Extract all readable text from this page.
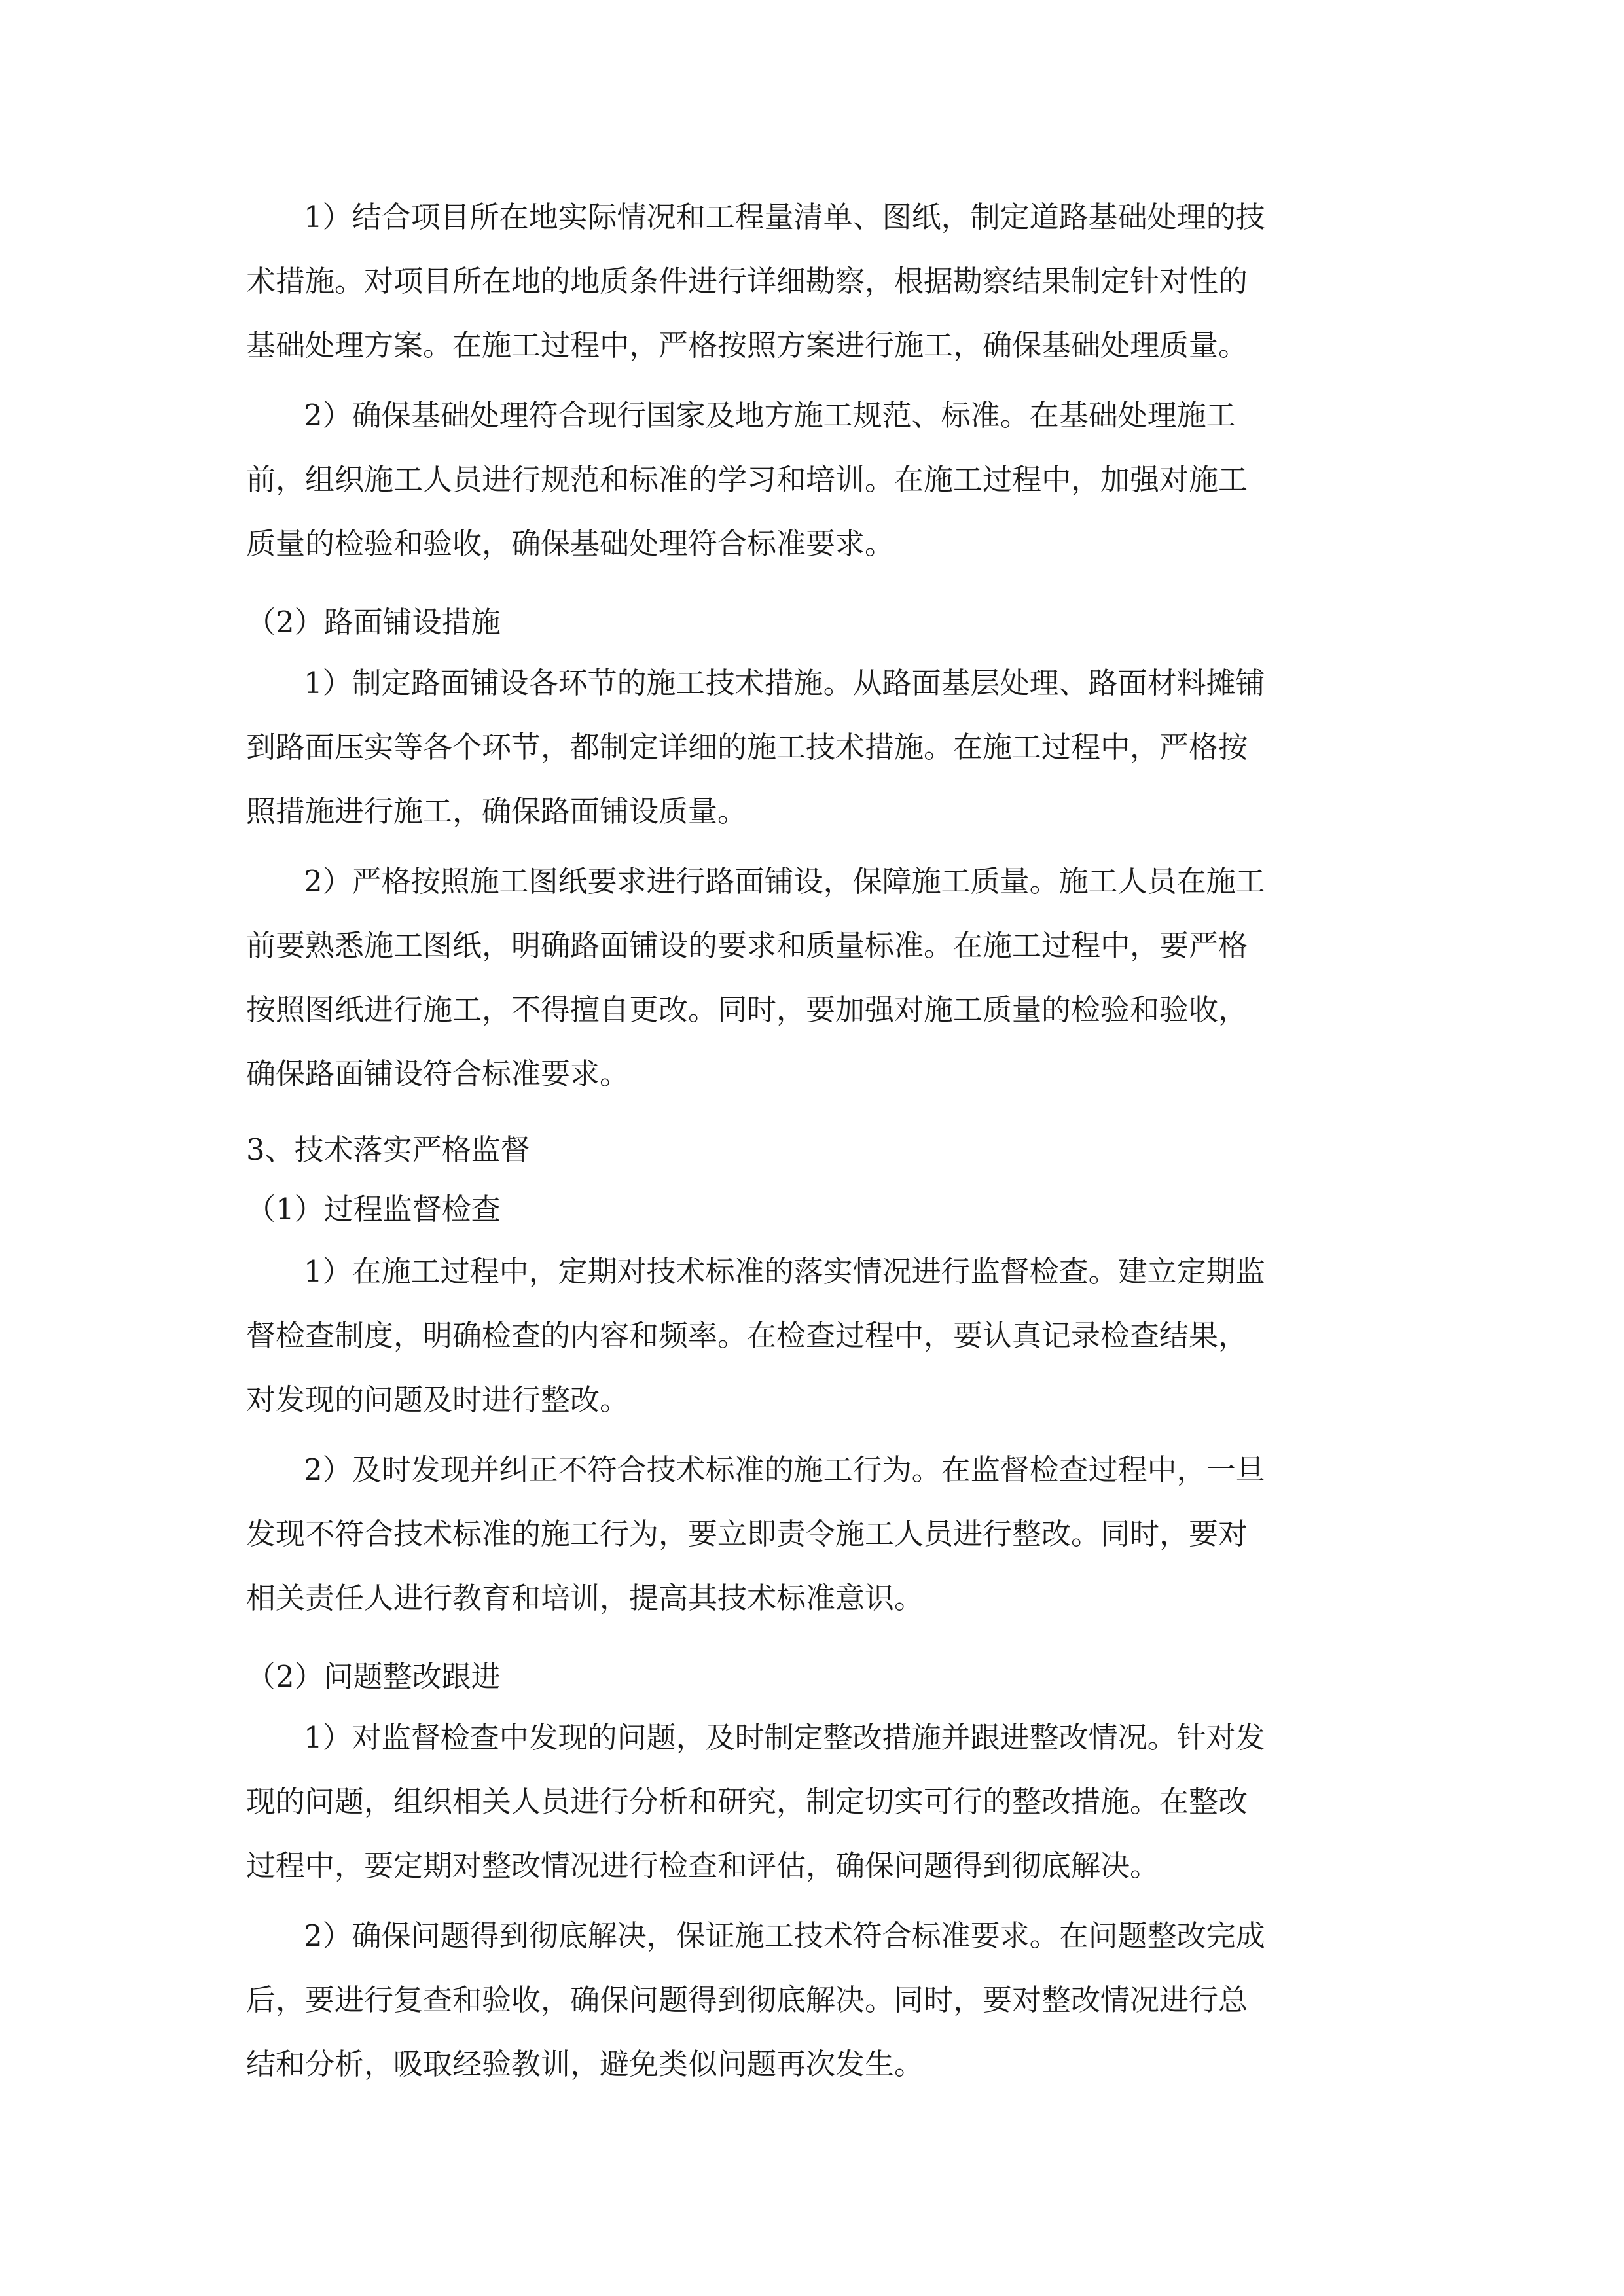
1）结合项目所在地实际情况和工程量清单、图纸，制定道路基础处理的技
术措施。对项目所在地的地质条件进行详细勘察，根据勘察结果制定针对性的
基础处理方案。在施工过程中，严格按照方案进行施工，确保基础处理质量。
2）确保基础处理符合现行国家及地方施工规范、标准。在基础处理施工
前，组织施工人员进行规范和标准的学习和培训。在施工过程中，加强对施工
质量的检验和验收，确保基础处理符合标准要求。
（2）路面铺设措施
1）制定路面铺设各环节的施工技术措施。从路面基层处理、路面材料摊铺
到路面压实等各个环节，都制定详细的施工技术措施。在施工过程中，严格按
照措施进行施工，确保路面铺设质量。
2）严格按照施工图纸要求进行路面铺设，保障施工质量。施工人员在施工
前要熟悉施工图纸，明确路面铺设的要求和质量标准。在施工过程中，要严格
按照图纸进行施工，不得擅自更改。同时，要加强对施工质量的检验和验收，
确保路面铺设符合标准要求。
3、技术落实严格监督
（1）过程监督检查
1）在施工过程中，定期对技术标准的落实情况进行监督检查。建立定期监
督检查制度，明确检查的内容和频率。在检查过程中，要认真记录检查结果，
对发现的问题及时进行整改。
2）及时发现并纠正不符合技术标准的施工行为。在监督检查过程中，一旦
发现不符合技术标准的施工行为，要立即责令施工人员进行整改。同时，要对
相关责任人进行教育和培训，提高其技术标准意识。
（2）问题整改跟进
1）对监督检查中发现的问题，及时制定整改措施并跟进整改情况。针对发
现的问题，组织相关人员进行分析和研究，制定切实可行的整改措施。在整改
过程中，要定期对整改情况进行检查和评估，确保问题得到彻底解决。
2）确保问题得到彻底解决，保证施工技术符合标准要求。在问题整改完成
后，要进行复查和验收，确保问题得到彻底解决。同时，要对整改情况进行总
结和分析，吸取经验教训，避免类似问题再次发生。
